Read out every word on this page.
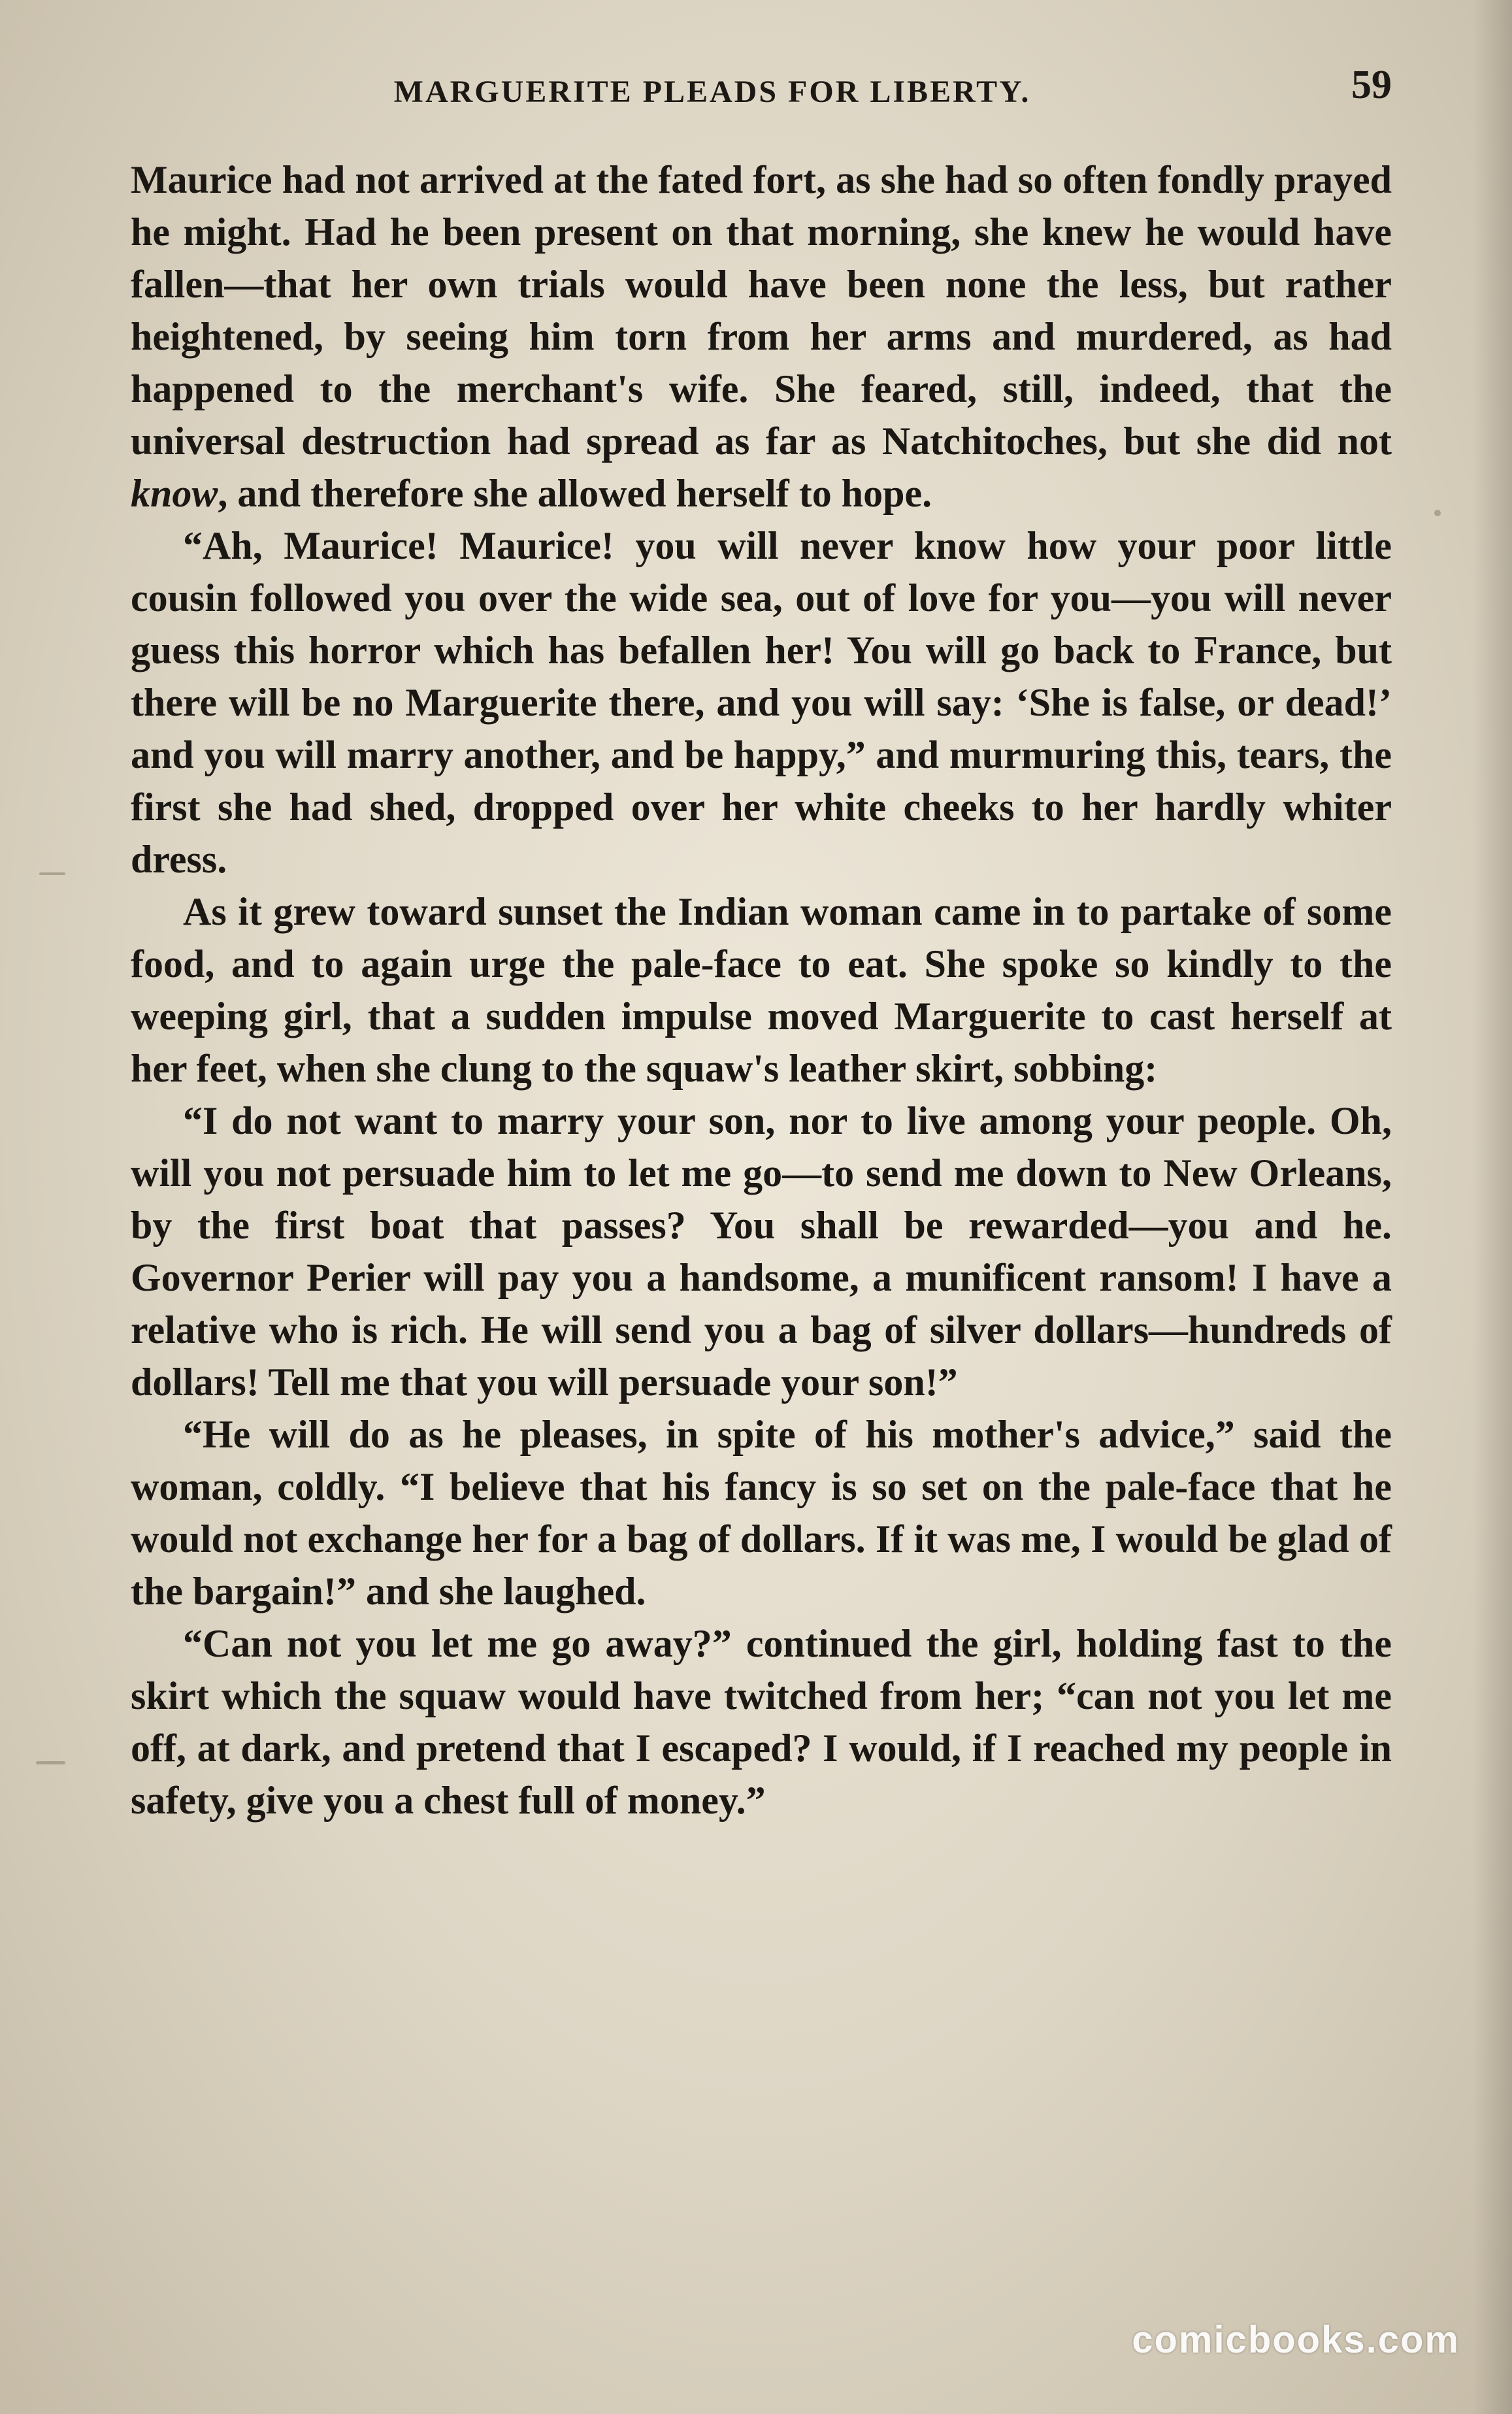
MARGUERITE PLEADS FOR LIBERTY.	59

Maurice had not arrived at the fated fort, as she had so often fondly prayed he might. Had he been present on that morning, she knew he would have fallen—that her own trials would have been none the less, but rather heightened, by seeing him torn from her arms and murdered, as had happened to the merchant's wife. She feared, still, indeed, that the universal destruction had spread as far as Natchitoches, but she did not know, and therefore she allowed herself to hope.

“Ah, Maurice! Maurice! you will never know how your poor little cousin followed you over the wide sea, out of love for you—you will never guess this horror which has befallen her! You will go back to France, but there will be no Marguerite there, and you will say: ‘She is false, or dead!’ and you will marry another, and be happy,” and murmuring this, tears, the first she had shed, dropped over her white cheeks to her hardly whiter dress.

As it grew toward sunset the Indian woman came in to partake of some food, and to again urge the pale-face to eat. She spoke so kindly to the weeping girl, that a sudden impulse moved Marguerite to cast herself at her feet, when she clung to the squaw's leather skirt, sobbing:

“I do not want to marry your son, nor to live among your people. Oh, will you not persuade him to let me go—to send me down to New Orleans, by the first boat that passes? You shall be rewarded—you and he. Governor Perier will pay you a handsome, a munificent ransom! I have a relative who is rich. He will send you a bag of silver dollars—hundreds of dollars! Tell me that you will persuade your son!”

“He will do as he pleases, in spite of his mother's advice,” said the woman, coldly. “I believe that his fancy is so set on the pale-face that he would not exchange her for a bag of dollars. If it was me, I would be glad of the bargain!” and she laughed.

“Can not you let me go away?” continued the girl, holding fast to the skirt which the squaw would have twitched from her; “can not you let me off, at dark, and pretend that I escaped? I would, if I reached my people in safety, give you a chest full of money.”

comicbooks.com
